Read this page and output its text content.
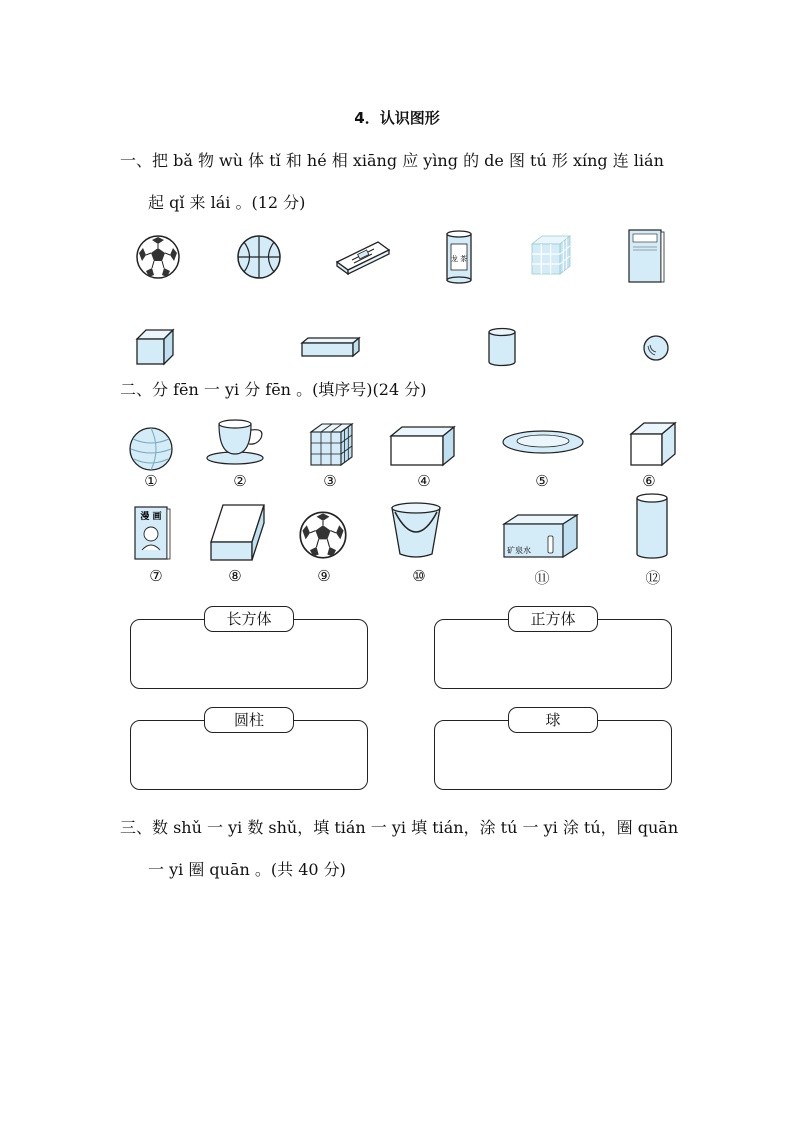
4．认识图形
一、把 bǎ 物 wù 体 tǐ 和 hé 相 xiāng 应 yìng 的 de 图 tú 形 xíng 连 lián
起 qǐ 来 lái 。(12 分)
龙 茶
二、分 fēn 一 yi 分 fēn 。(填序号)(24 分)
①	②	③	④	⑤	⑥
漫 画
矿泉水
⑦	⑧	⑨	⑩	⑪	⑫
长方体	正方体
圆柱	球
三、数 shǔ 一 yi 数 shǔ，填 tián 一 yi 填 tián，涂 tú 一 yi 涂 tú，圈 quān
一 yi 圈 quān 。(共 40 分)
